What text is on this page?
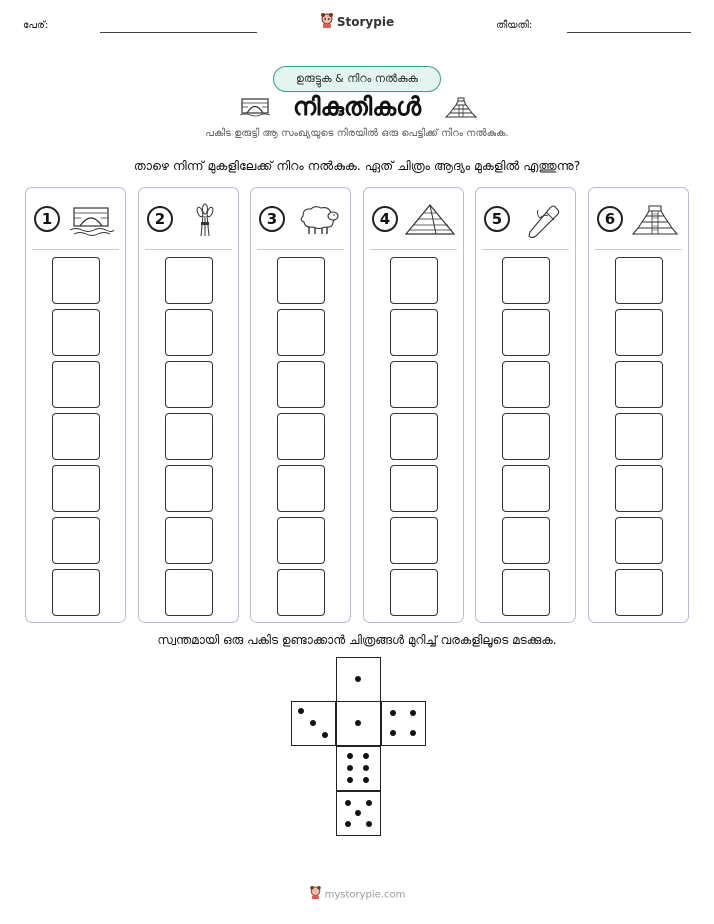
പേര്:	Storypie	തീയതി:
ഉരുട്ടുക & നിറം നൽകുക
നികുതികൾ
പകിട ഉരുട്ടി ആ സംഖ്യയുടെ നിരയിൽ ഒരു പെട്ടിക്ക് നിറം നൽകുക.
താഴെ നിന്ന് മുകളിലേക്ക് നിറം നൽകുക. ഏത് ചിത്രം ആദ്യം മുകളിൽ എത്തുന്നു?
1	2	3	4	5	6
സ്വന്തമായി ഒരു പകിട ഉണ്ടാക്കാൻ ചിത്രങ്ങൾ മുറിച്ച് വരകളിലൂടെ മടക്കുക.
mystorypie.com
